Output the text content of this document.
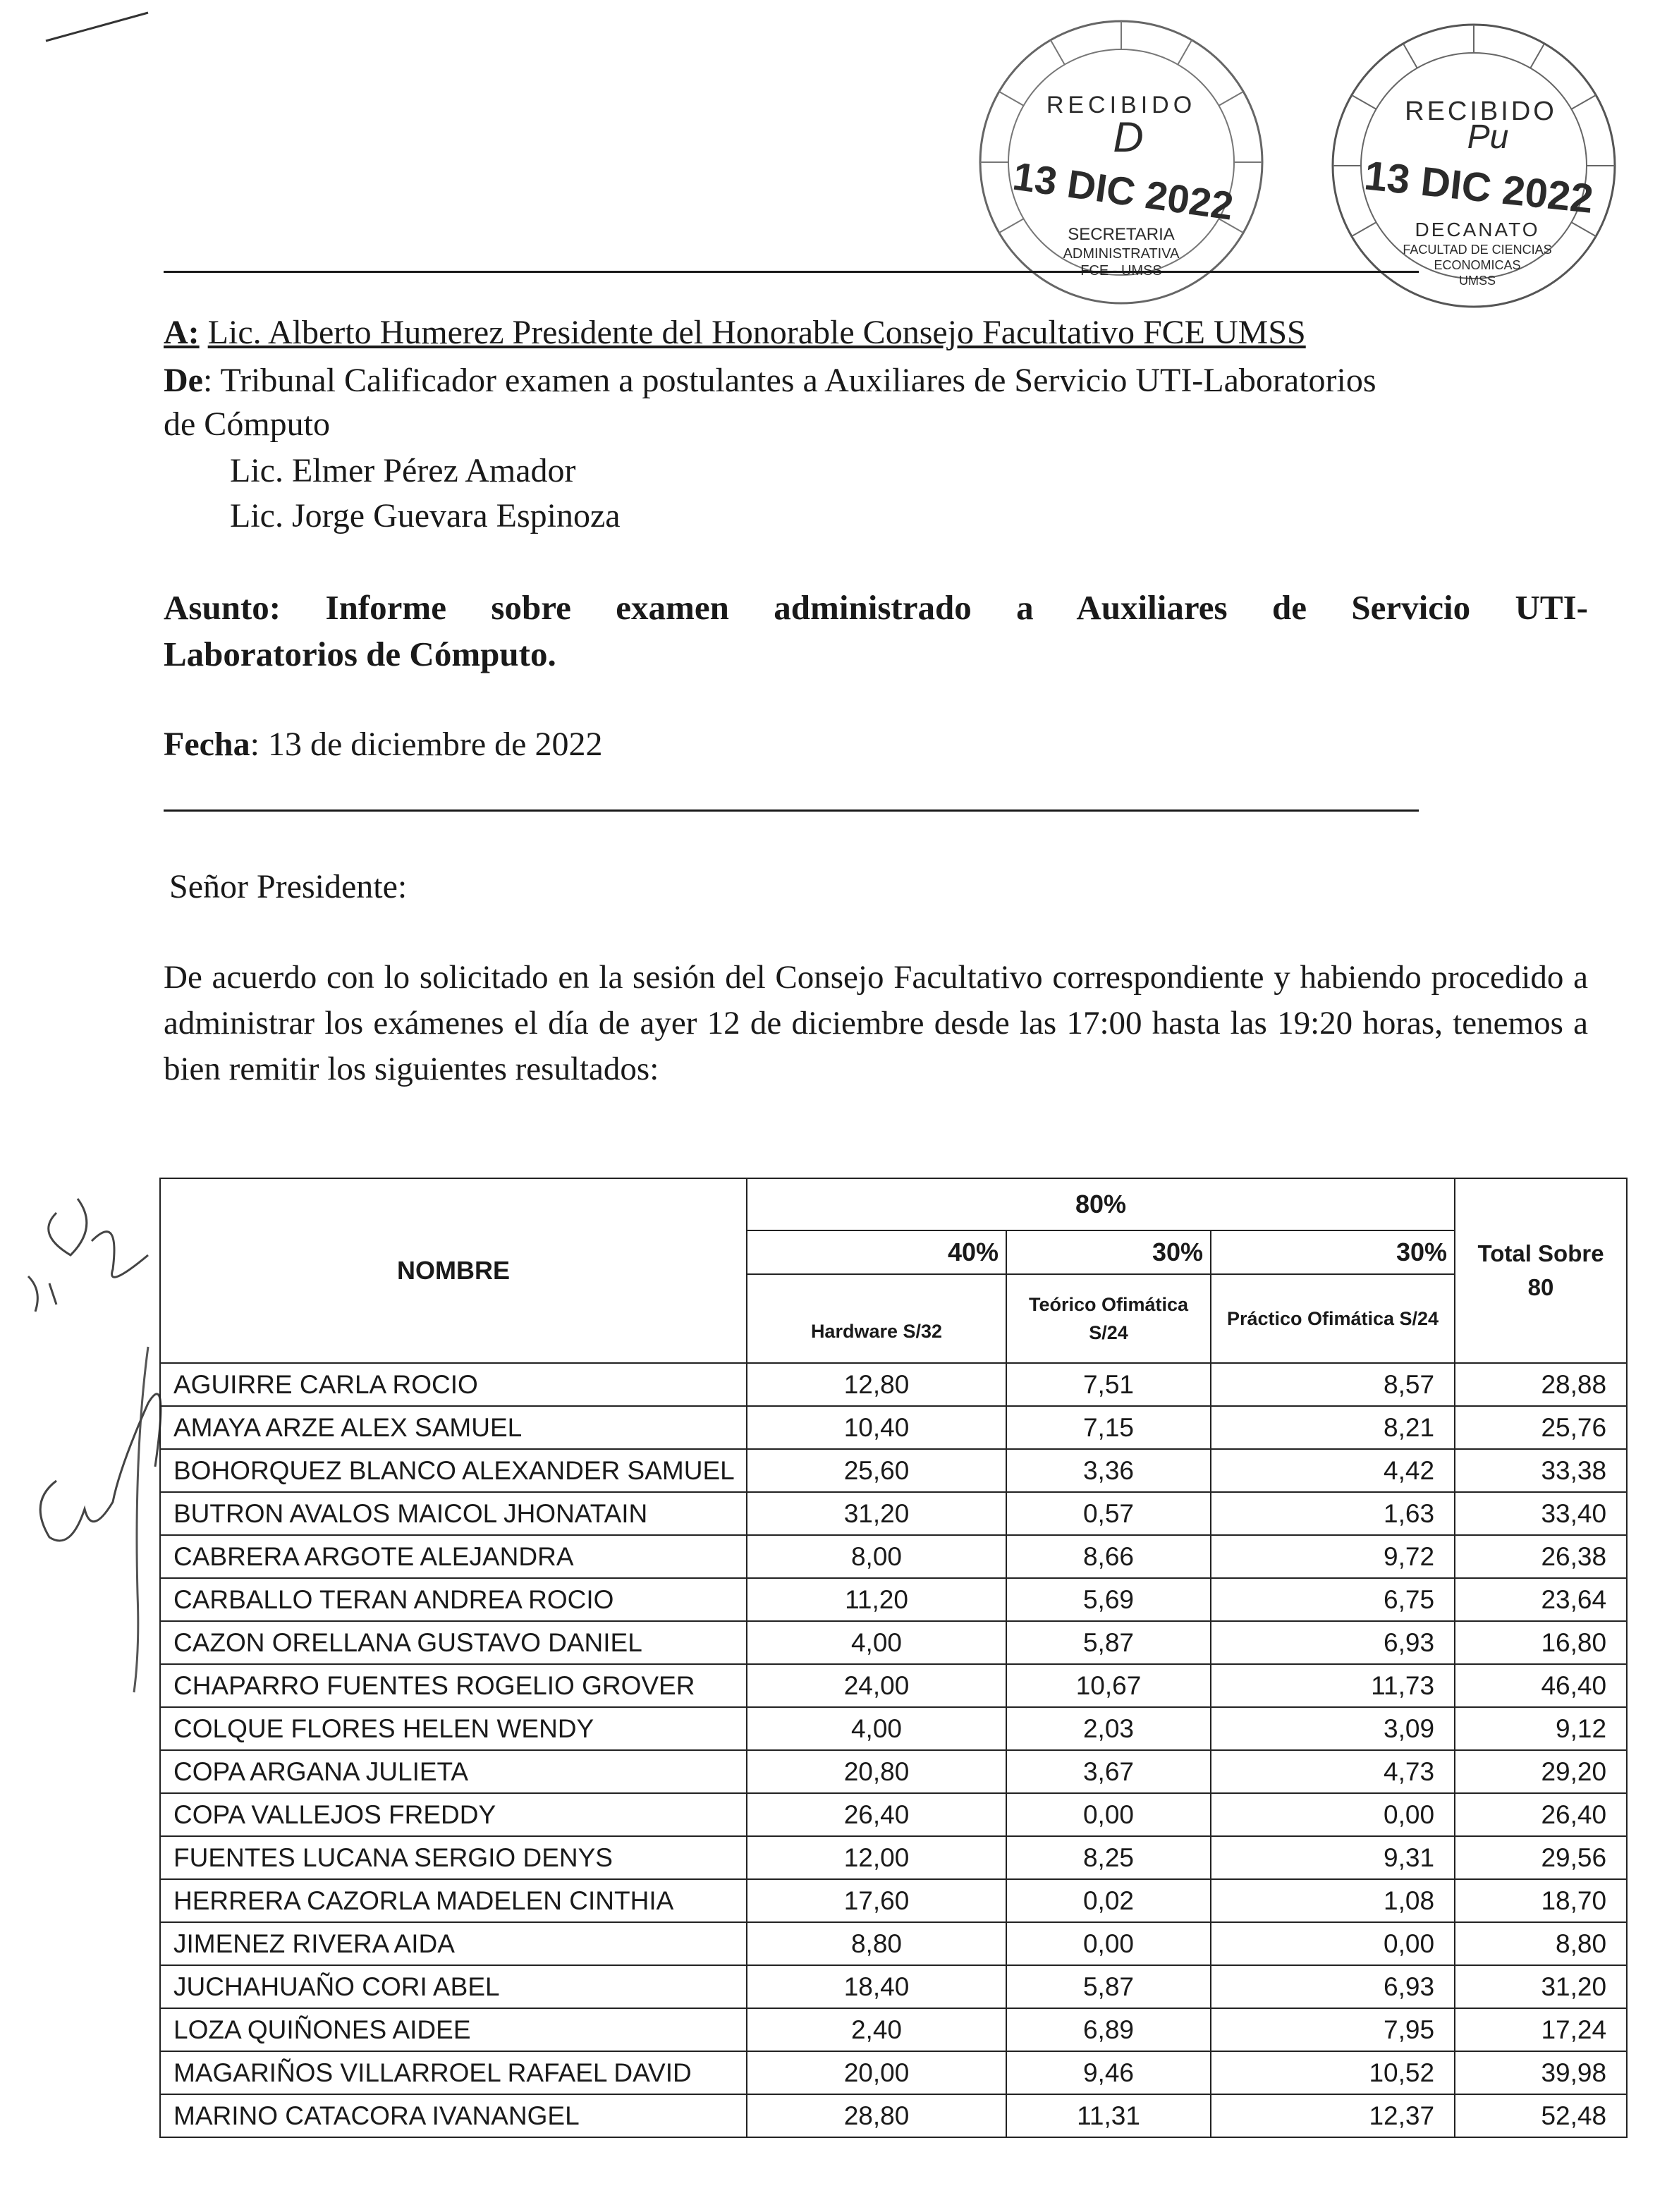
RECIBIDO
D
13 DIC 2022
SECRETARIA
ADMINISTRATIVA
RECIBIDO
Pu
13 DIC 2022
DECANATO
FACULTAD DE CIENCIAS
ECONOMICAS
UMSS
A: Lic. Alberto Humerez Presidente del Honorable Consejo Facultativo FCE UMSS
De: Tribunal Calificador examen a postulantes a Auxiliares de Servicio UTI-Laboratorios
de Cómputo
Lic. Elmer Pérez Amador
Lic. Jorge Guevara Espinoza
Asunto: Informe sobre examen administrado a Auxiliares de Servicio UTI-
Laboratorios de Cómputo.
Fecha: 13 de diciembre de 2022
Señor Presidente:
De acuerdo con lo solicitado en la sesión del Consejo Facultativo correspondiente y habiendo procedido a administrar los exámenes el día de ayer 12 de diciembre desde las 17:00 hasta las 19:20 horas, tenemos a bien remitir los siguientes resultados:
NOMBRE	80%			Total Sobre 80
	40%	30%	30%	
	Hardware S/32	Teórico Ofimática S/24	Práctico Ofimática S/24	
AGUIRRE CARLA ROCIO	12,80	7,51	8,57	28,88
AMAYA ARZE ALEX SAMUEL	10,40	7,15	8,21	25,76
BOHORQUEZ BLANCO ALEXANDER SAMUEL	25,60	3,36	4,42	33,38
BUTRON AVALOS MAICOL JHONATAIN	31,20	0,57	1,63	33,40
CABRERA ARGOTE ALEJANDRA	8,00	8,66	9,72	26,38
CARBALLO TERAN ANDREA ROCIO	11,20	5,69	6,75	23,64
CAZON ORELLANA GUSTAVO DANIEL	4,00	5,87	6,93	16,80
CHAPARRO FUENTES ROGELIO GROVER	24,00	10,67	11,73	46,40
COLQUE FLORES HELEN WENDY	4,00	2,03	3,09	9,12
COPA ARGANA JULIETA	20,80	3,67	4,73	29,20
COPA VALLEJOS FREDDY	26,40	0,00	0,00	26,40
FUENTES LUCANA SERGIO DENYS	12,00	8,25	9,31	29,56
HERRERA CAZORLA MADELEN CINTHIA	17,60	0,02	1,08	18,70
JIMENEZ RIVERA AIDA	8,80	0,00	0,00	8,80
JUCHAHUAÑO CORI ABEL	18,40	5,87	6,93	31,20
LOZA QUIÑONES AIDEE	2,40	6,89	7,95	17,24
MAGARIÑOS VILLARROEL RAFAEL DAVID	20,00	9,46	10,52	39,98
MARINO CATACORA IVANANGEL	28,80	11,31	12,37	52,48
